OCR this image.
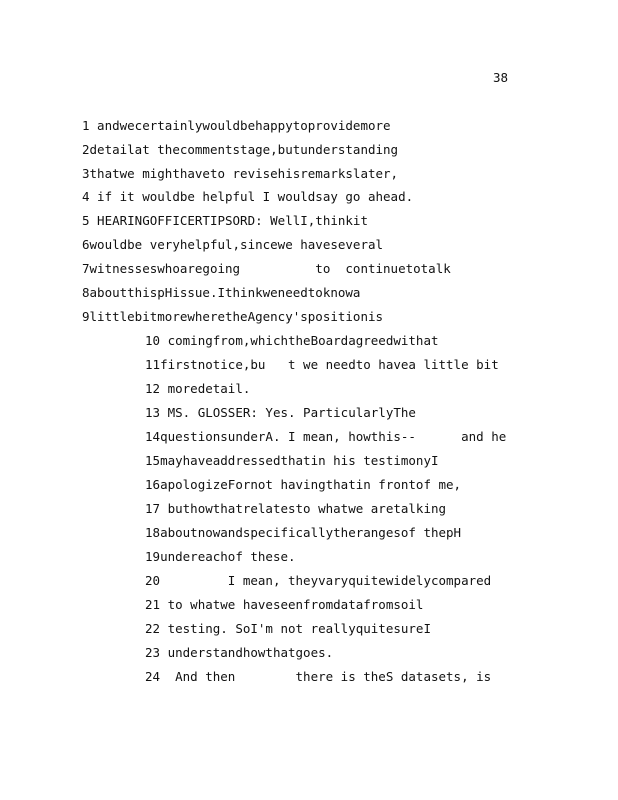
38
1 andwecertainlywouldbehappytoprovidemore
2detailat thecommentstage,butunderstanding
3thatwe mighthaveto revisehisremarkslater,
4 if it wouldbe helpful I wouldsay go ahead.
5 HEARINGOFFICERTIPSORD: WellI,thinkit
6wouldbe veryhelpful,sincewe haveseveral
7witnesseswhoaregoing          to  continuetotalk
8aboutthispHissue.Ithinkweneedtoknowa
9littlebitmorewheretheAgency'spositionis
10 comingfrom,whichtheBoardagreedwithat
11firstnotice,bu   t we needto havea little bit
12 moredetail.
13 MS. GLOSSER: Yes. ParticularlyThe
14questionsunderA. I mean, howthis--      and he
15mayhaveaddressedthatin his testimonyI
16apologizeFornot havingthatin frontof me,
17 buthowthatrelatesto whatwe aretalking
18aboutnowandspecificallytherangesof thepH
19undereachof these.
20         I mean, theyvaryquitewidelycompared
21 to whatwe haveseenfromdatafromsoil
22 testing. SoI'm not reallyquitesureI
23 understandhowthatgoes.
24  And then        there is theS datasets, is
